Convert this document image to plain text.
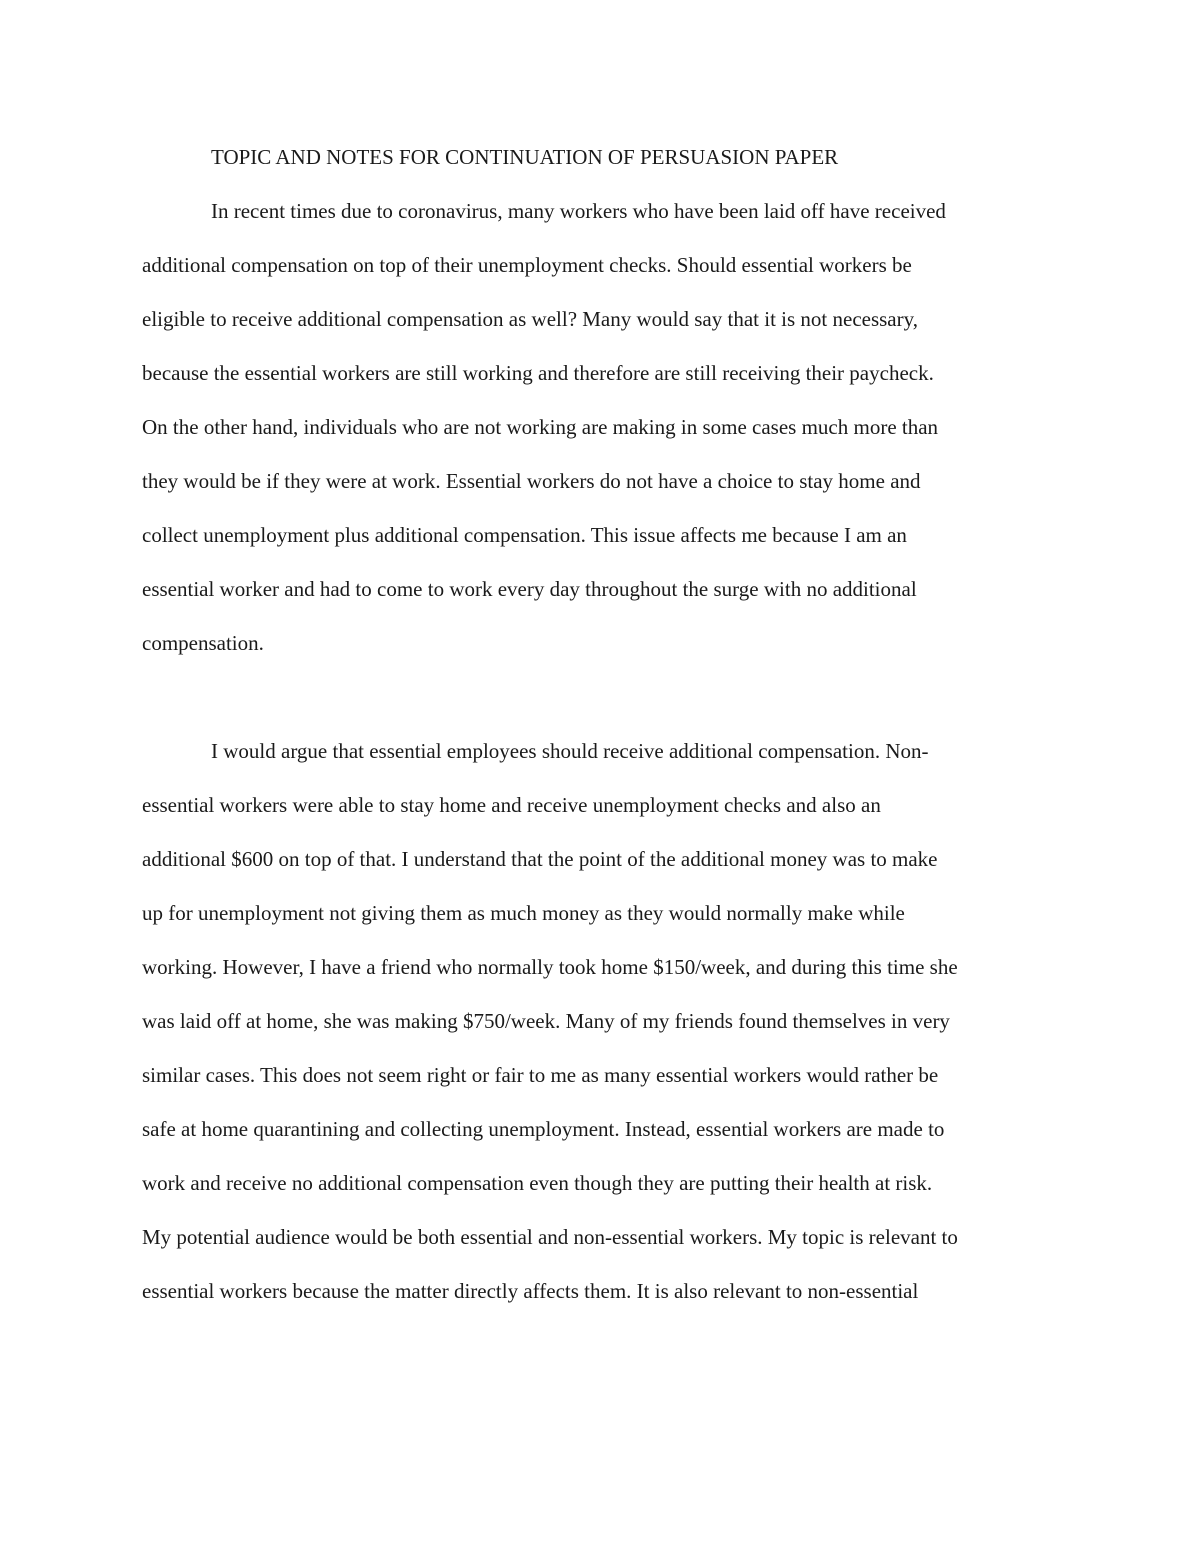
TOPIC AND NOTES FOR CONTINUATION OF PERSUASION PAPER
In recent times due to coronavirus, many workers who have been laid off have received
additional compensation on top of their unemployment checks. Should essential workers be
eligible to receive additional compensation as well? Many would say that it is not necessary,
because the essential workers are still working and therefore are still receiving their paycheck.
On the other hand, individuals who are not working are making in some cases much more than
they would be if they were at work. Essential workers do not have a choice to stay home and
collect unemployment plus additional compensation. This issue affects me because I am an
essential worker and had to come to work every day throughout the surge with no additional
compensation.
I would argue that essential employees should receive additional compensation. Non-
essential workers were able to stay home and receive unemployment checks and also an
additional $600 on top of that. I understand that the point of the additional money was to make
up for unemployment not giving them as much money as they would normally make while
working. However, I have a friend who normally took home $150/week, and during this time she
was laid off at home, she was making $750/week. Many of my friends found themselves in very
similar cases. This does not seem right or fair to me as many essential workers would rather be
safe at home quarantining and collecting unemployment. Instead, essential workers are made to
work and receive no additional compensation even though they are putting their health at risk.
My potential audience would be both essential and non-essential workers. My topic is relevant to
essential workers because the matter directly affects them. It is also relevant to non-essential
